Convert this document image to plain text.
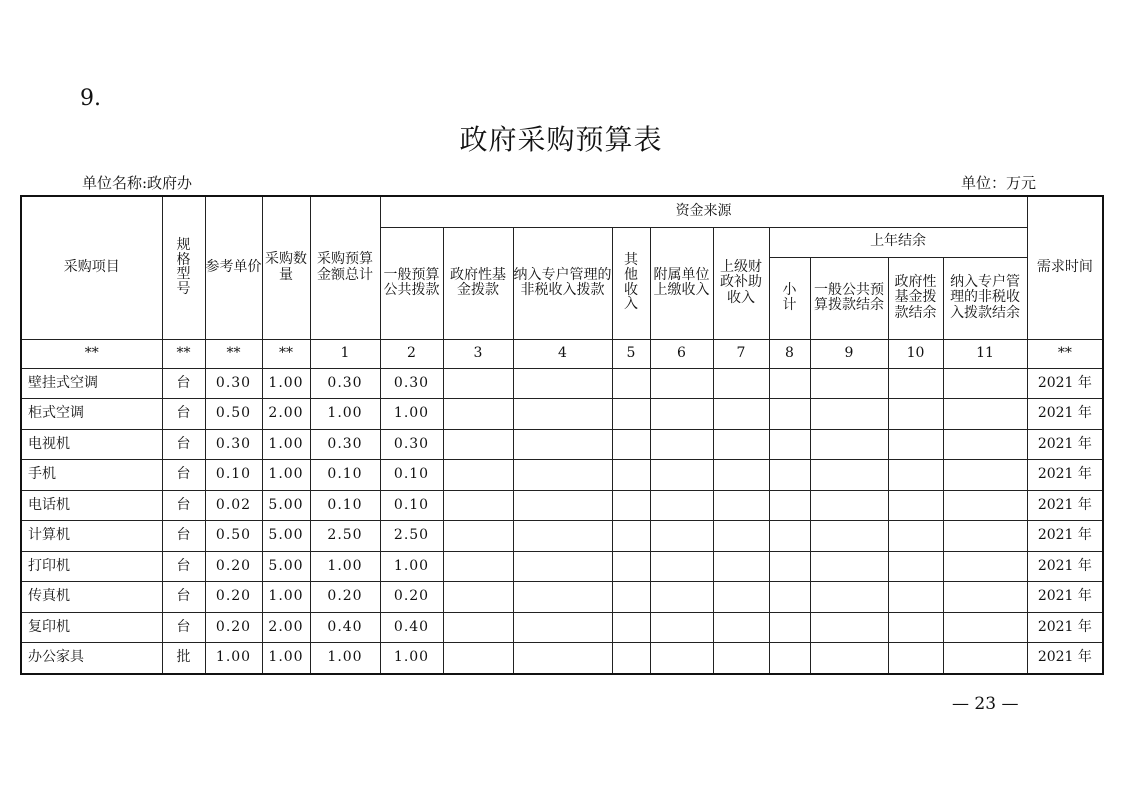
9.
政府采购预算表
单位名称:政府办	单位：万元
采购项目	规格型号	参考单价	采购数量	采购预算金额总计	资金来源										需求时间
					一般预算公共拨款	政府性基金拨款	纳入专户管理的非税收入拨款	其他收入	附属单位上缴收入	上级财政补助收入	上年结余				
											小计	一般公共预算拨款结余	政府性基金拨款结余	纳入专户管理的非税收入拨款结余	
**	**	**	**	1	2	3	4	5	6	7	8	9	10	11	**
壁挂式空调	台	0.30	1.00	0.30	0.30										2021 年
柜式空调	台	0.50	2.00	1.00	1.00										2021 年
电视机	台	0.30	1.00	0.30	0.30										2021 年
手机	台	0.10	1.00	0.10	0.10										2021 年
电话机	台	0.02	5.00	0.10	0.10										2021 年
计算机	台	0.50	5.00	2.50	2.50										2021 年
打印机	台	0.20	5.00	1.00	1.00										2021 年
传真机	台	0.20	1.00	0.20	0.20										2021 年
复印机	台	0.20	2.00	0.40	0.40										2021 年
办公家具	批	1.00	1.00	1.00	1.00										2021 年
— 23 —
